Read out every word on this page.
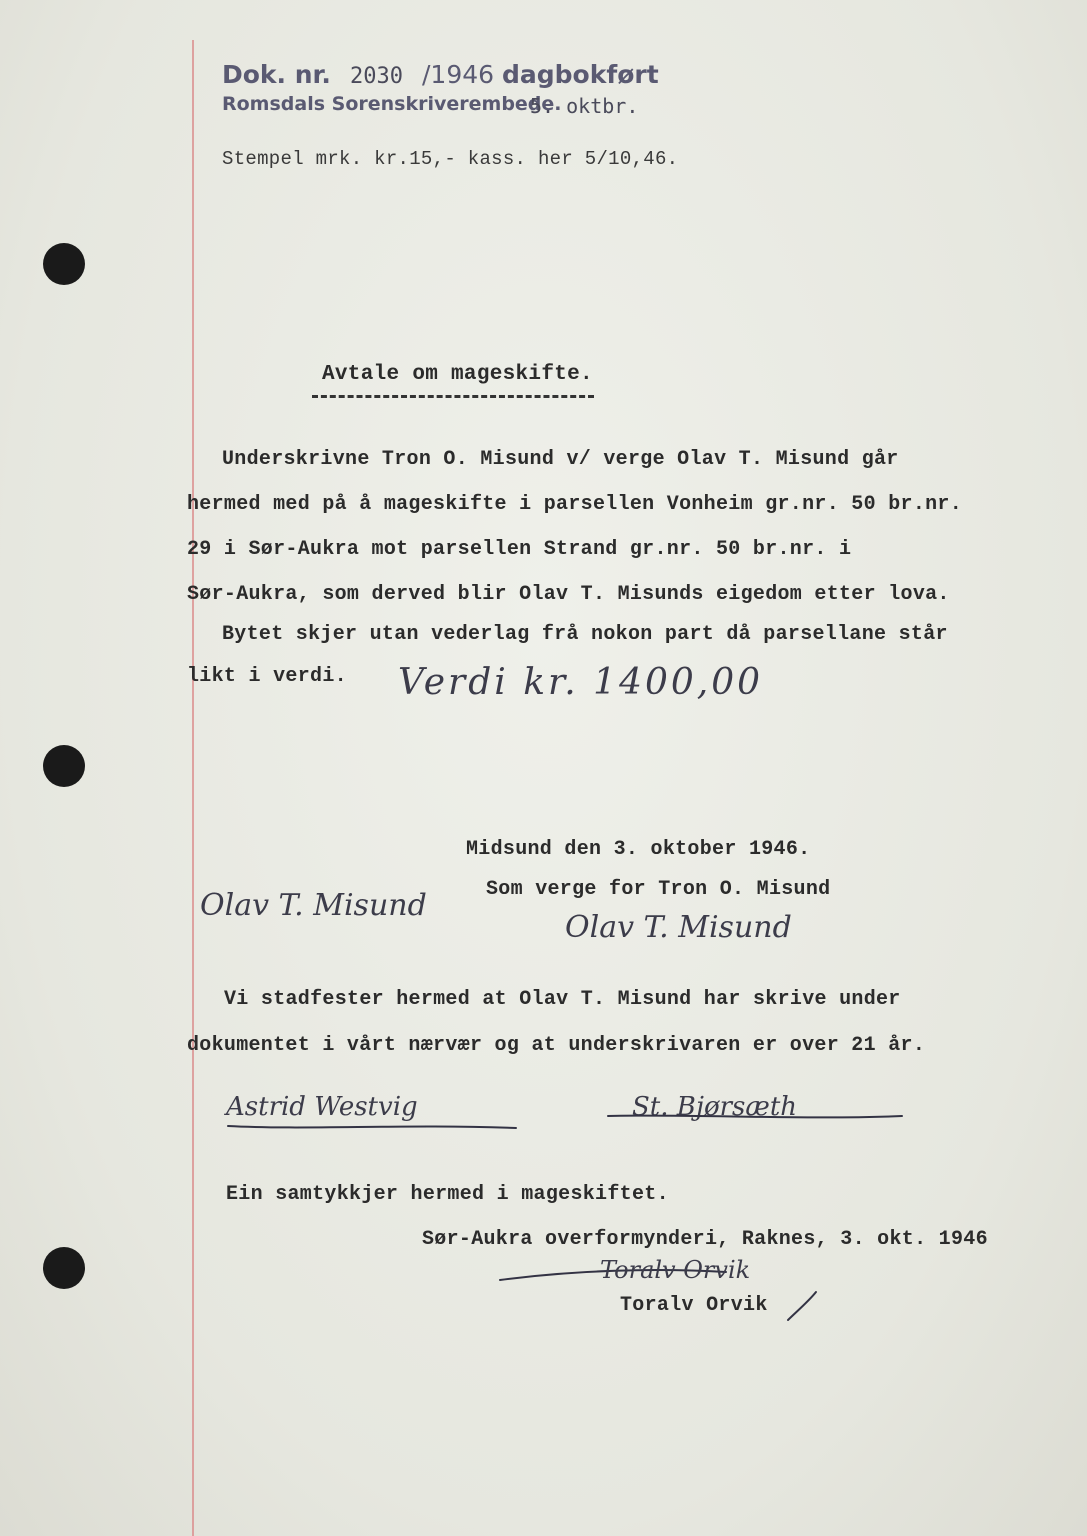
Dok. nr. 2030 /1946 dagbokført
Romsdals Sorenskriverembede.
5. oktbr.
Stempel mrk. kr.15,- kass. her 5/10,46.
Avtale om mageskifte.
Underskrivne Tron O. Misund v/ verge Olav T. Misund går
hermed med på å mageskifte i parsellen Vonheim gr.nr. 50 br.nr.
29 i Sør-Aukra mot parsellen Strand gr.nr. 50 br.nr. i
Sør-Aukra, som derved blir Olav T. Misunds eigedom etter lova.
Bytet skjer utan vederlag frå nokon part då parsellane står
likt i verdi. Verdi kr. 1400,00
Midsund den 3. oktober 1946.
Som verge for Tron O. Misund
Olav T. Misund
Olav T. Misund
Vi stadfester hermed at Olav T. Misund har skrive under
dokumentet i vårt nærvær og at underskrivaren er over 21 år.
Astrid Westvig	St. Bjørsæth
Ein samtykkjer hermed i mageskiftet.
Sør-Aukra overformynderi, Raknes, 3. okt. 1946
Toralv Orvik
Toralv Orvik
